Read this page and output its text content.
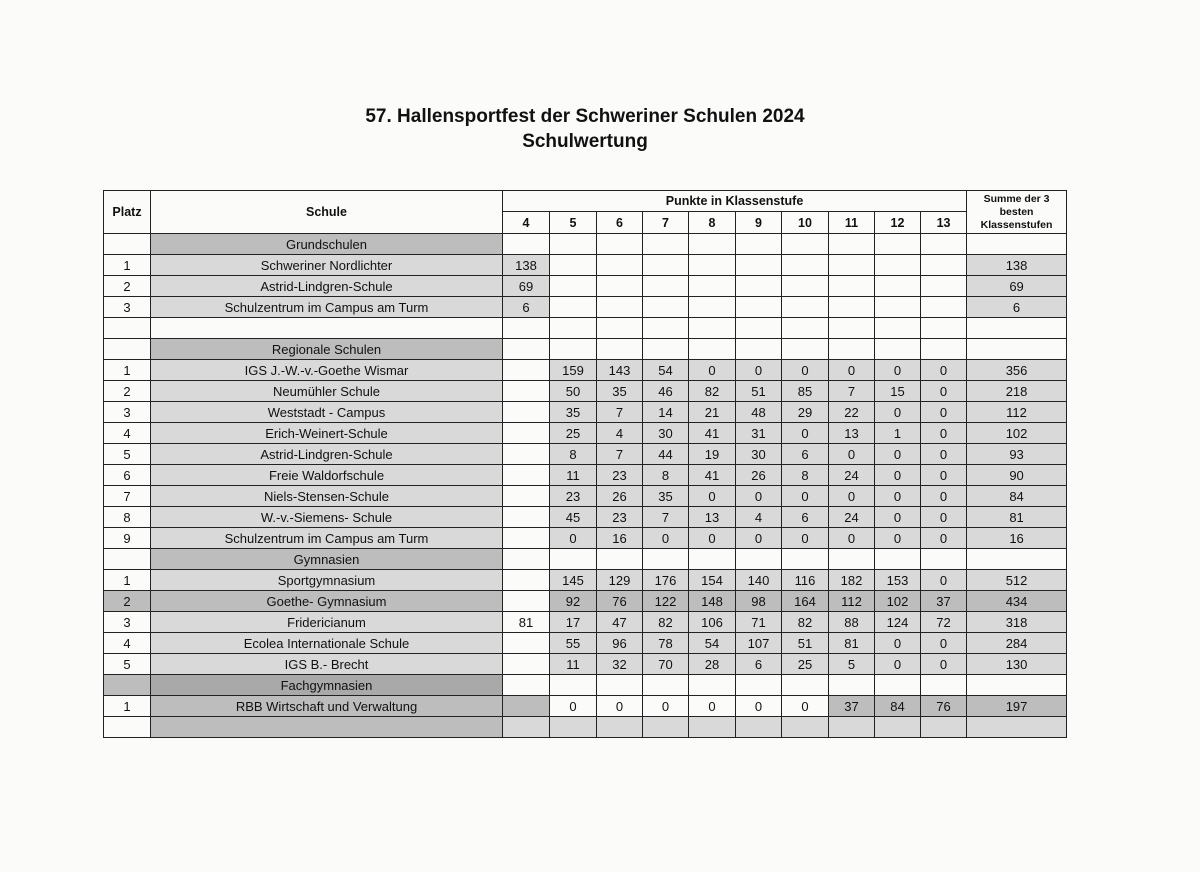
57. Hallensportfest der Schweriner Schulen 2024
Schulwertung
Platz	Schule	Punkte in Klassenstufe										Summe der 3 besten Klassenstufen
		4	5	6	7	8	9	10	11	12	13	
	Grundschulen											
1	Schweriner Nordlichter	138										138
2	Astrid-Lindgren-Schule	69										69
3	Schulzentrum im Campus am Turm	6										6

	Regionale Schulen											
1	IGS J.-W.-v.-Goethe Wismar		159	143	54	0	0	0	0	0	0	356
2	Neumühler Schule		50	35	46	82	51	85	7	15	0	218
3	Weststadt - Campus		35	7	14	21	48	29	22	0	0	112
4	Erich-Weinert-Schule		25	4	30	41	31	0	13	1	0	102
5	Astrid-Lindgren-Schule		8	7	44	19	30	6	0	0	0	93
6	Freie Waldorfschule		11	23	8	41	26	8	24	0	0	90
7	Niels-Stensen-Schule		23	26	35	0	0	0	0	0	0	84
8	W.-v.-Siemens- Schule		45	23	7	13	4	6	24	0	0	81
9	Schulzentrum im Campus am Turm		0	16	0	0	0	0	0	0	0	16
	Gymnasien											
1	Sportgymnasium		145	129	176	154	140	116	182	153	0	512
2	Goethe- Gymnasium		92	76	122	148	98	164	112	102	37	434
3	Fridericianum	81	17	47	82	106	71	82	88	124	72	318
4	Ecolea Internationale Schule		55	96	78	54	107	51	81	0	0	284
5	IGS B.- Brecht		11	32	70	28	6	25	5	0	0	130
	Fachgymnasien											
1	RBB Wirtschaft und Verwaltung		0	0	0	0	0	0	37	84	76	197
